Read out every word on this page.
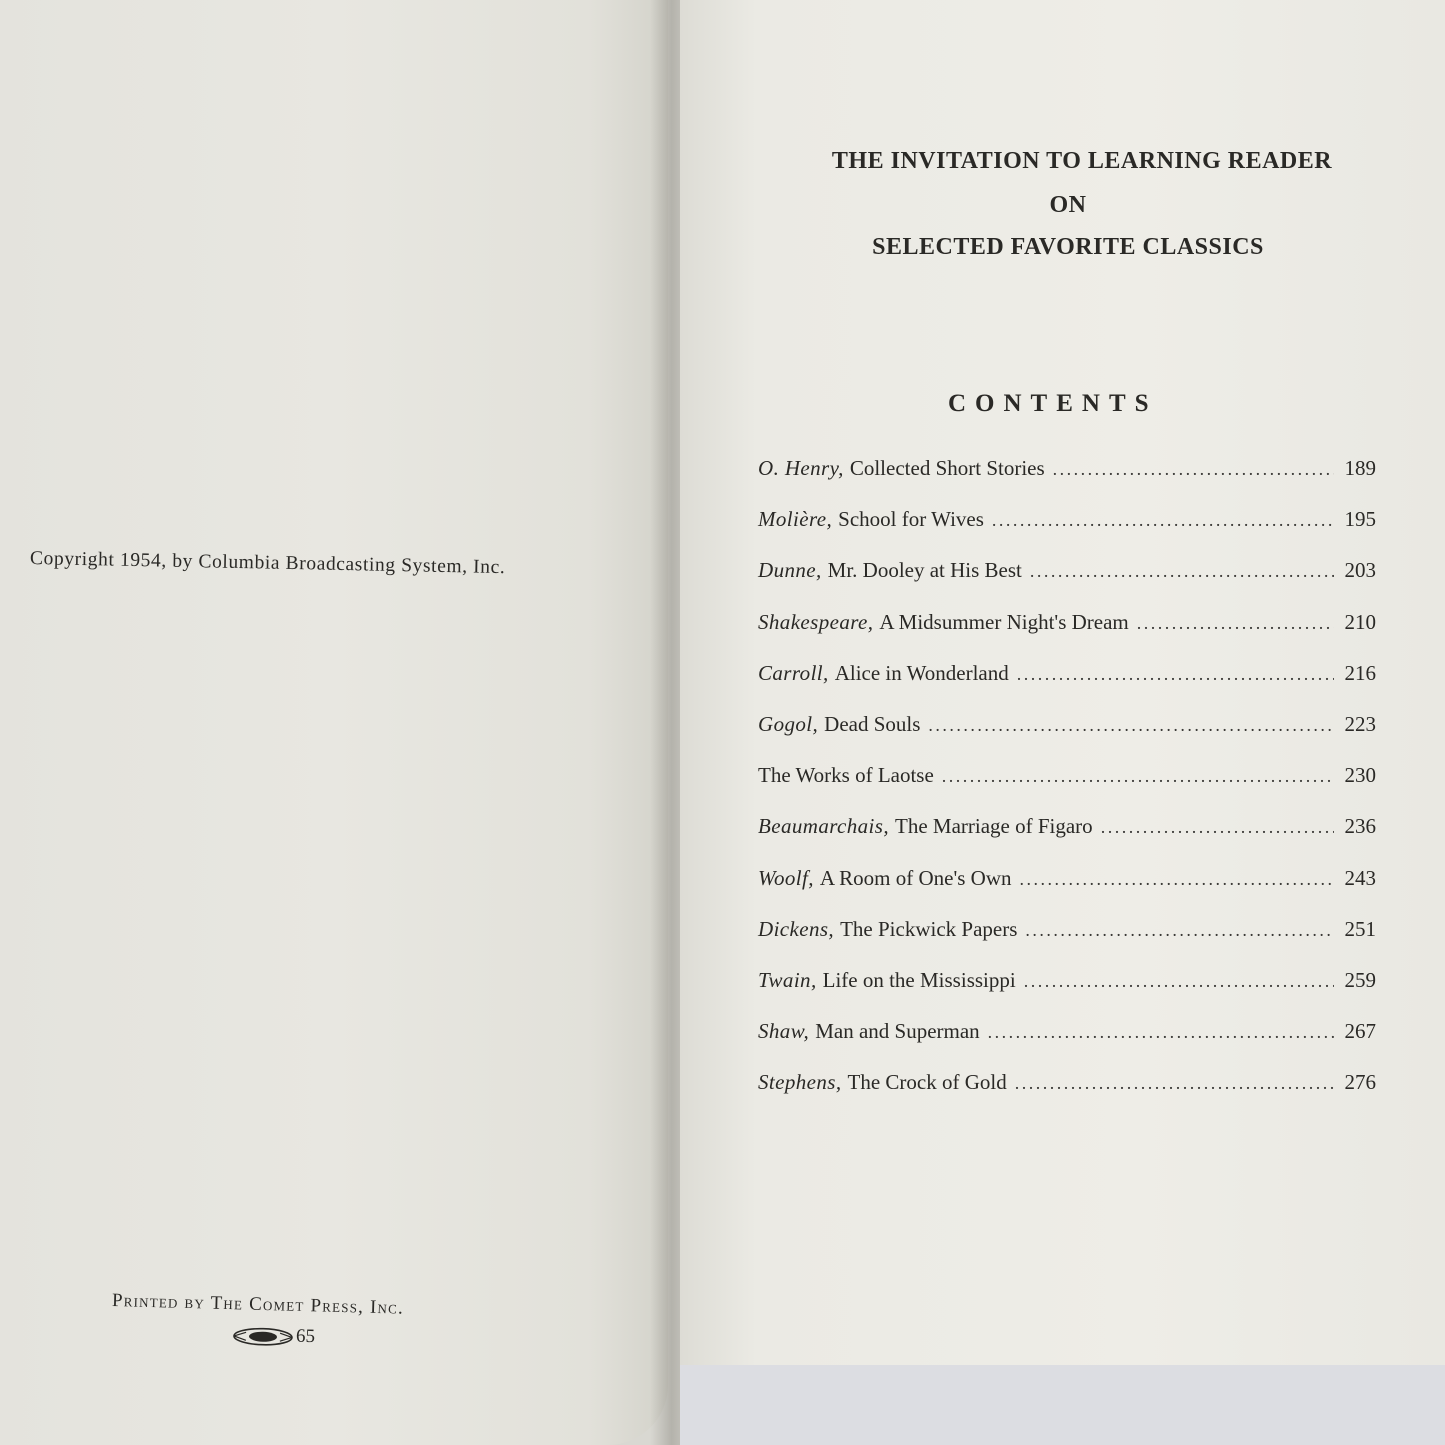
Copyright 1954, by Columbia Broadcasting System, Inc.
Printed by The Comet Press, Inc.
65
THE INVITATION TO LEARNING READER
ON
SELECTED FAVORITE CLASSICS
CONTENTS
O. Henry, Collected Short Stories . . .	189
Molière, School for Wives . . .	195
Dunne, Mr. Dooley at His Best . . .	203
Shakespeare, A Midsummer Night's Dream . . .	210
Carroll, Alice in Wonderland . . .	216
Gogol, Dead Souls . . .	223
The Works of Laotse . . .	230
Beaumarchais, The Marriage of Figaro . . .	236
Woolf, A Room of One's Own . . .	243
Dickens, The Pickwick Papers . . .	251
Twain, Life on the Mississippi . . .	259
Shaw, Man and Superman . . .	267
Stephens, The Crock of Gold . . .	276
